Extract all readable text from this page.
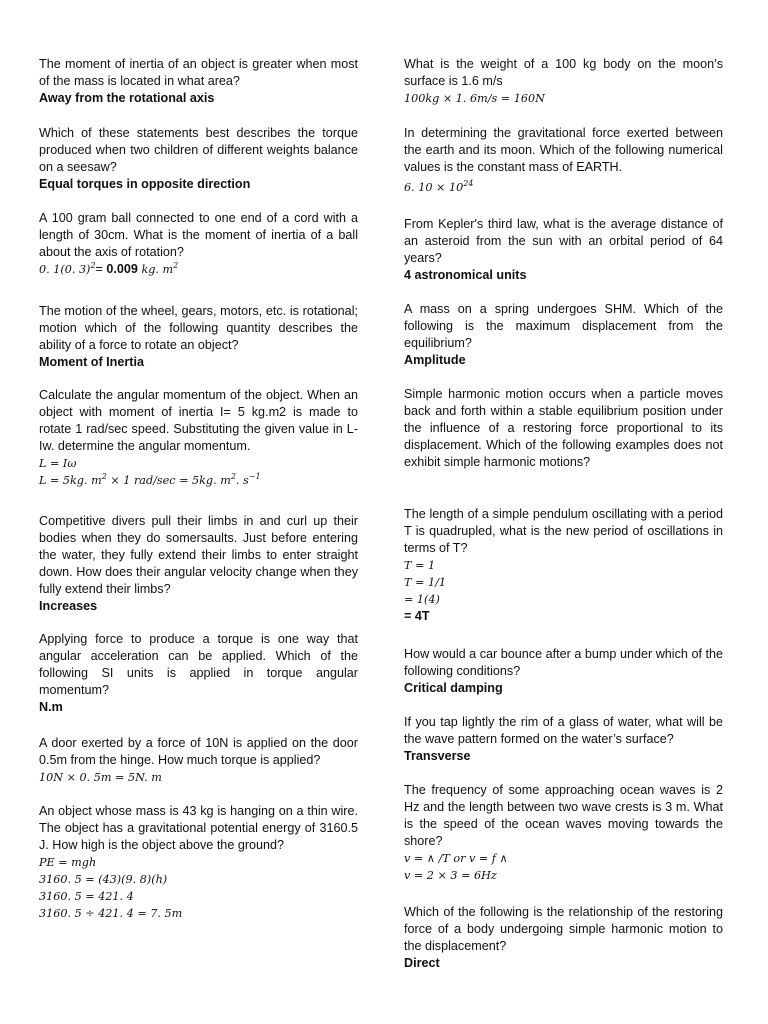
The moment of inertia of an object is greater when most of the mass is located in what area?

Away from the rotational axis

Which of these statements best describes the torque produced when two children of different weights balance on a seesaw?

Equal torques in opposite direction

A 100 gram ball connected to one end of a cord with a length of 30cm. What is the moment of inertia of a ball about the axis of rotation?

0. 1(0. 3)$^2$= 0.009 kg. $m^2$

The motion of the wheel, gears, motors, etc. is rotational; motion which of the following quantity describes the ability of a force to rotate an object?

Moment of Inertia

Calculate the angular momentum of the object. When an object with moment of inertia I= 5 kg.m2 is made to rotate 1 rad/sec speed. Substituting the given value in L-Iw. determine the angular momentum.

L = Iω

L = 5kg. $m^2 \times 1$ rad/sec = 5kg. $m^2$. $s^{-1}$

Competitive divers pull their limbs in and curl up their bodies when they do somersaults. Just before entering the water, they fully extend their limbs to enter straight down. How does their angular velocity change when they fully extend their limbs?

Increases

Applying force to produce a torque is one way that angular acceleration can be applied. Which of the following SI units is applied in torque angular momentum?

N.m

A door exerted by a force of 10N is applied on the door 0.5m from the hinge. How much torque is applied?

10N × 0. 5m = 5N. m

An object whose mass is 43 kg is hanging on a thin wire. The object has a gravitational potential energy of 3160.5 J. How high is the object above the ground?

PE = mgh

3160. 5 = (43)(9. 8)(h)

3160. 5 = 421. 4

3160. 5 ÷ 421. 4 = 7. 5m

What is the weight of a 100 kg body on the moon’s surface is 1.6 m/s

100kg × 1. 6m/s = 160N

In determining the gravitational force exerted between the earth and its moon. Which of the following numerical values is the constant mass of EARTH.

6. $10 \times 10^{24}$

From Kepler's third law, what is the average distance of an asteroid from the sun with an orbital period of 64 years?

4 astronomical units

A mass on a spring undergoes SHM. Which of the following is the maximum displacement from the equilibrium?

Amplitude

Simple harmonic motion occurs when a particle moves back and forth within a stable equilibrium position under the influence of a restoring force proportional to its displacement. Which of the following examples does not exhibit simple harmonic motions?

The length of a simple pendulum oscillating with a period T is quadrupled, what is the new period of oscillations in terms of T?

T = 1

T = 1/1

= 1(4)

= 4T

How would a car bounce after a bump under which of the following conditions?

Critical damping

If you tap lightly the rim of a glass of water, what will be the wave pattern formed on the water’s surface?

Transverse

The frequency of some approaching ocean waves is 2 Hz and the length between two wave crests is 3 m. What is the speed of the ocean waves moving towards the shore?

v = ∧ /T or v = f ∧

v = 2 × 3 = 6Hz

Which of the following is the relationship of the restoring force of a body undergoing simple harmonic motion to the displacement?

Direct
